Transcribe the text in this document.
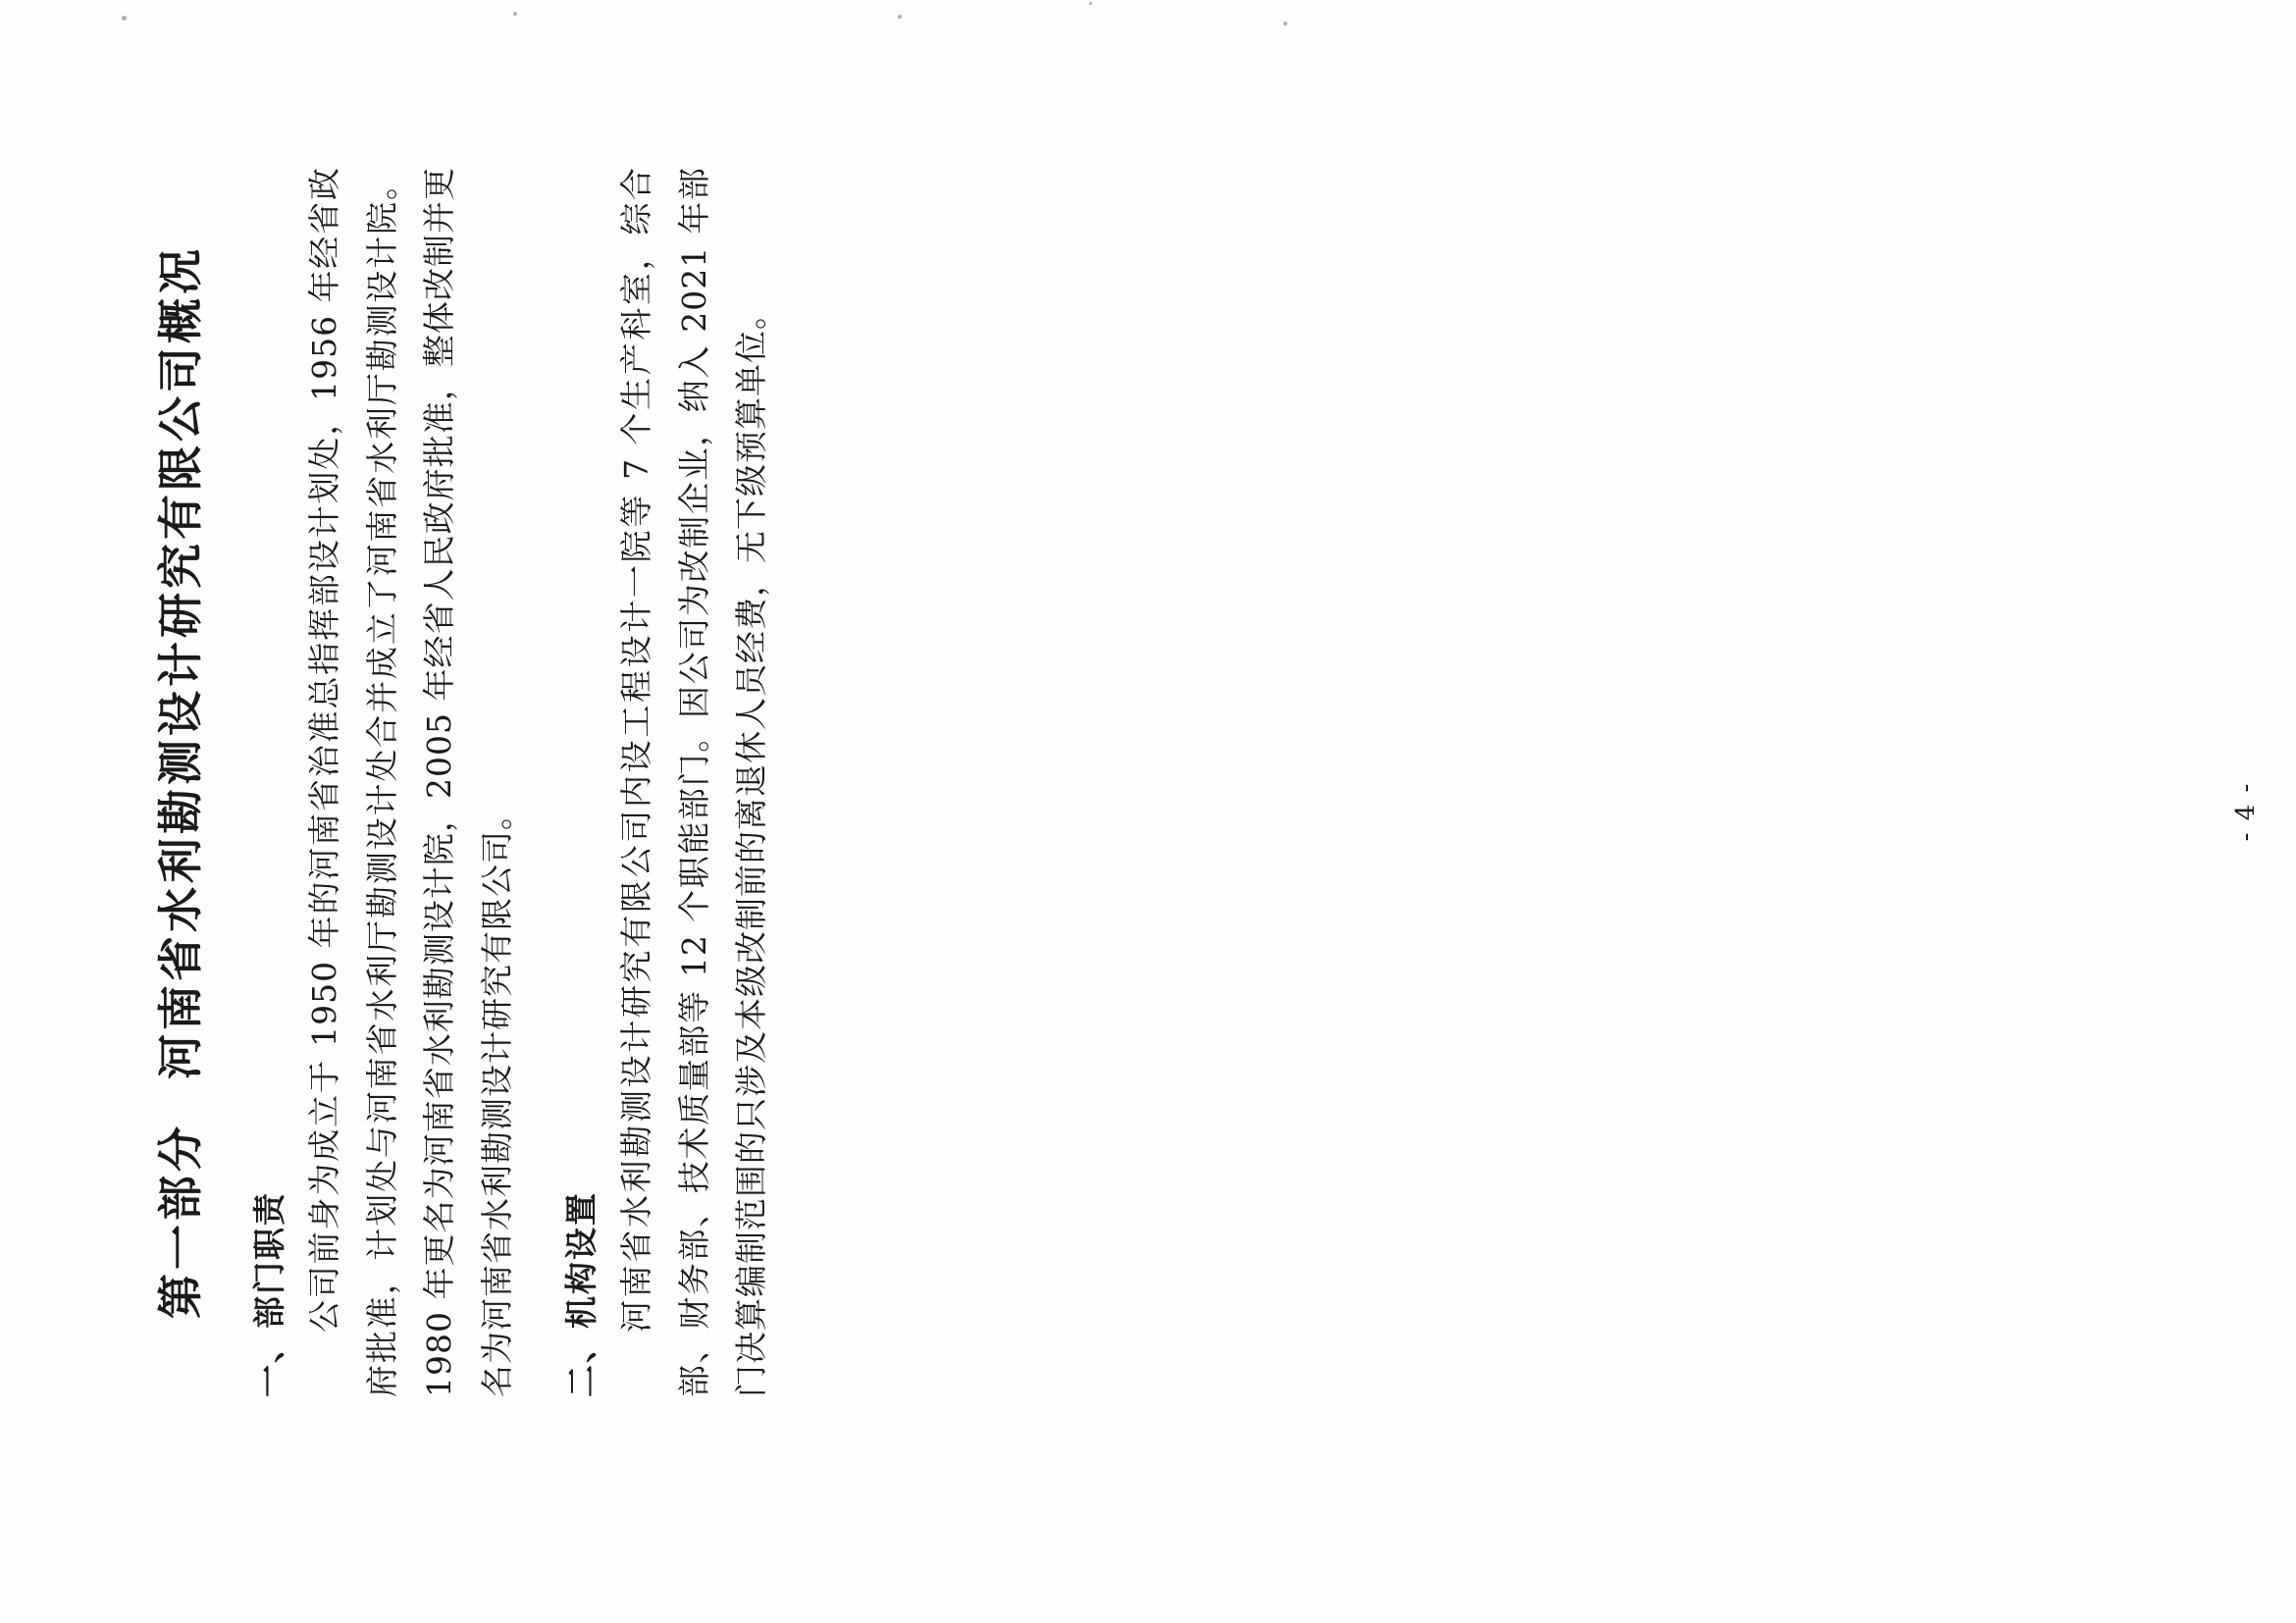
第一部分河南省水利勘测设计研究有限公司概况
一、部门职责 公司前身为成立于 1950 年的河南省治准总指挥部设计划处，1956 年经省政府批准，计划处与河南省水利厅勘测设计处合并成立了河南省水利厅勘测设计院。1980 年更名为河南省水利勘测设计院，2005 年经省人民政府批准，整体改制并更名为河南省水利勘测设计研究有限公司。	二、机构设置 河南省水利勘测设计研究有限公司内设工程设计一院等 7 个生产科室，综合部、财务部、技术质量部等 12 个职能部门。因公司为改制企业，纳入 2021 年部门决算编制范围的只涉及本级改制前的离退休人员经费，无下级预算单位。	- 4 -
